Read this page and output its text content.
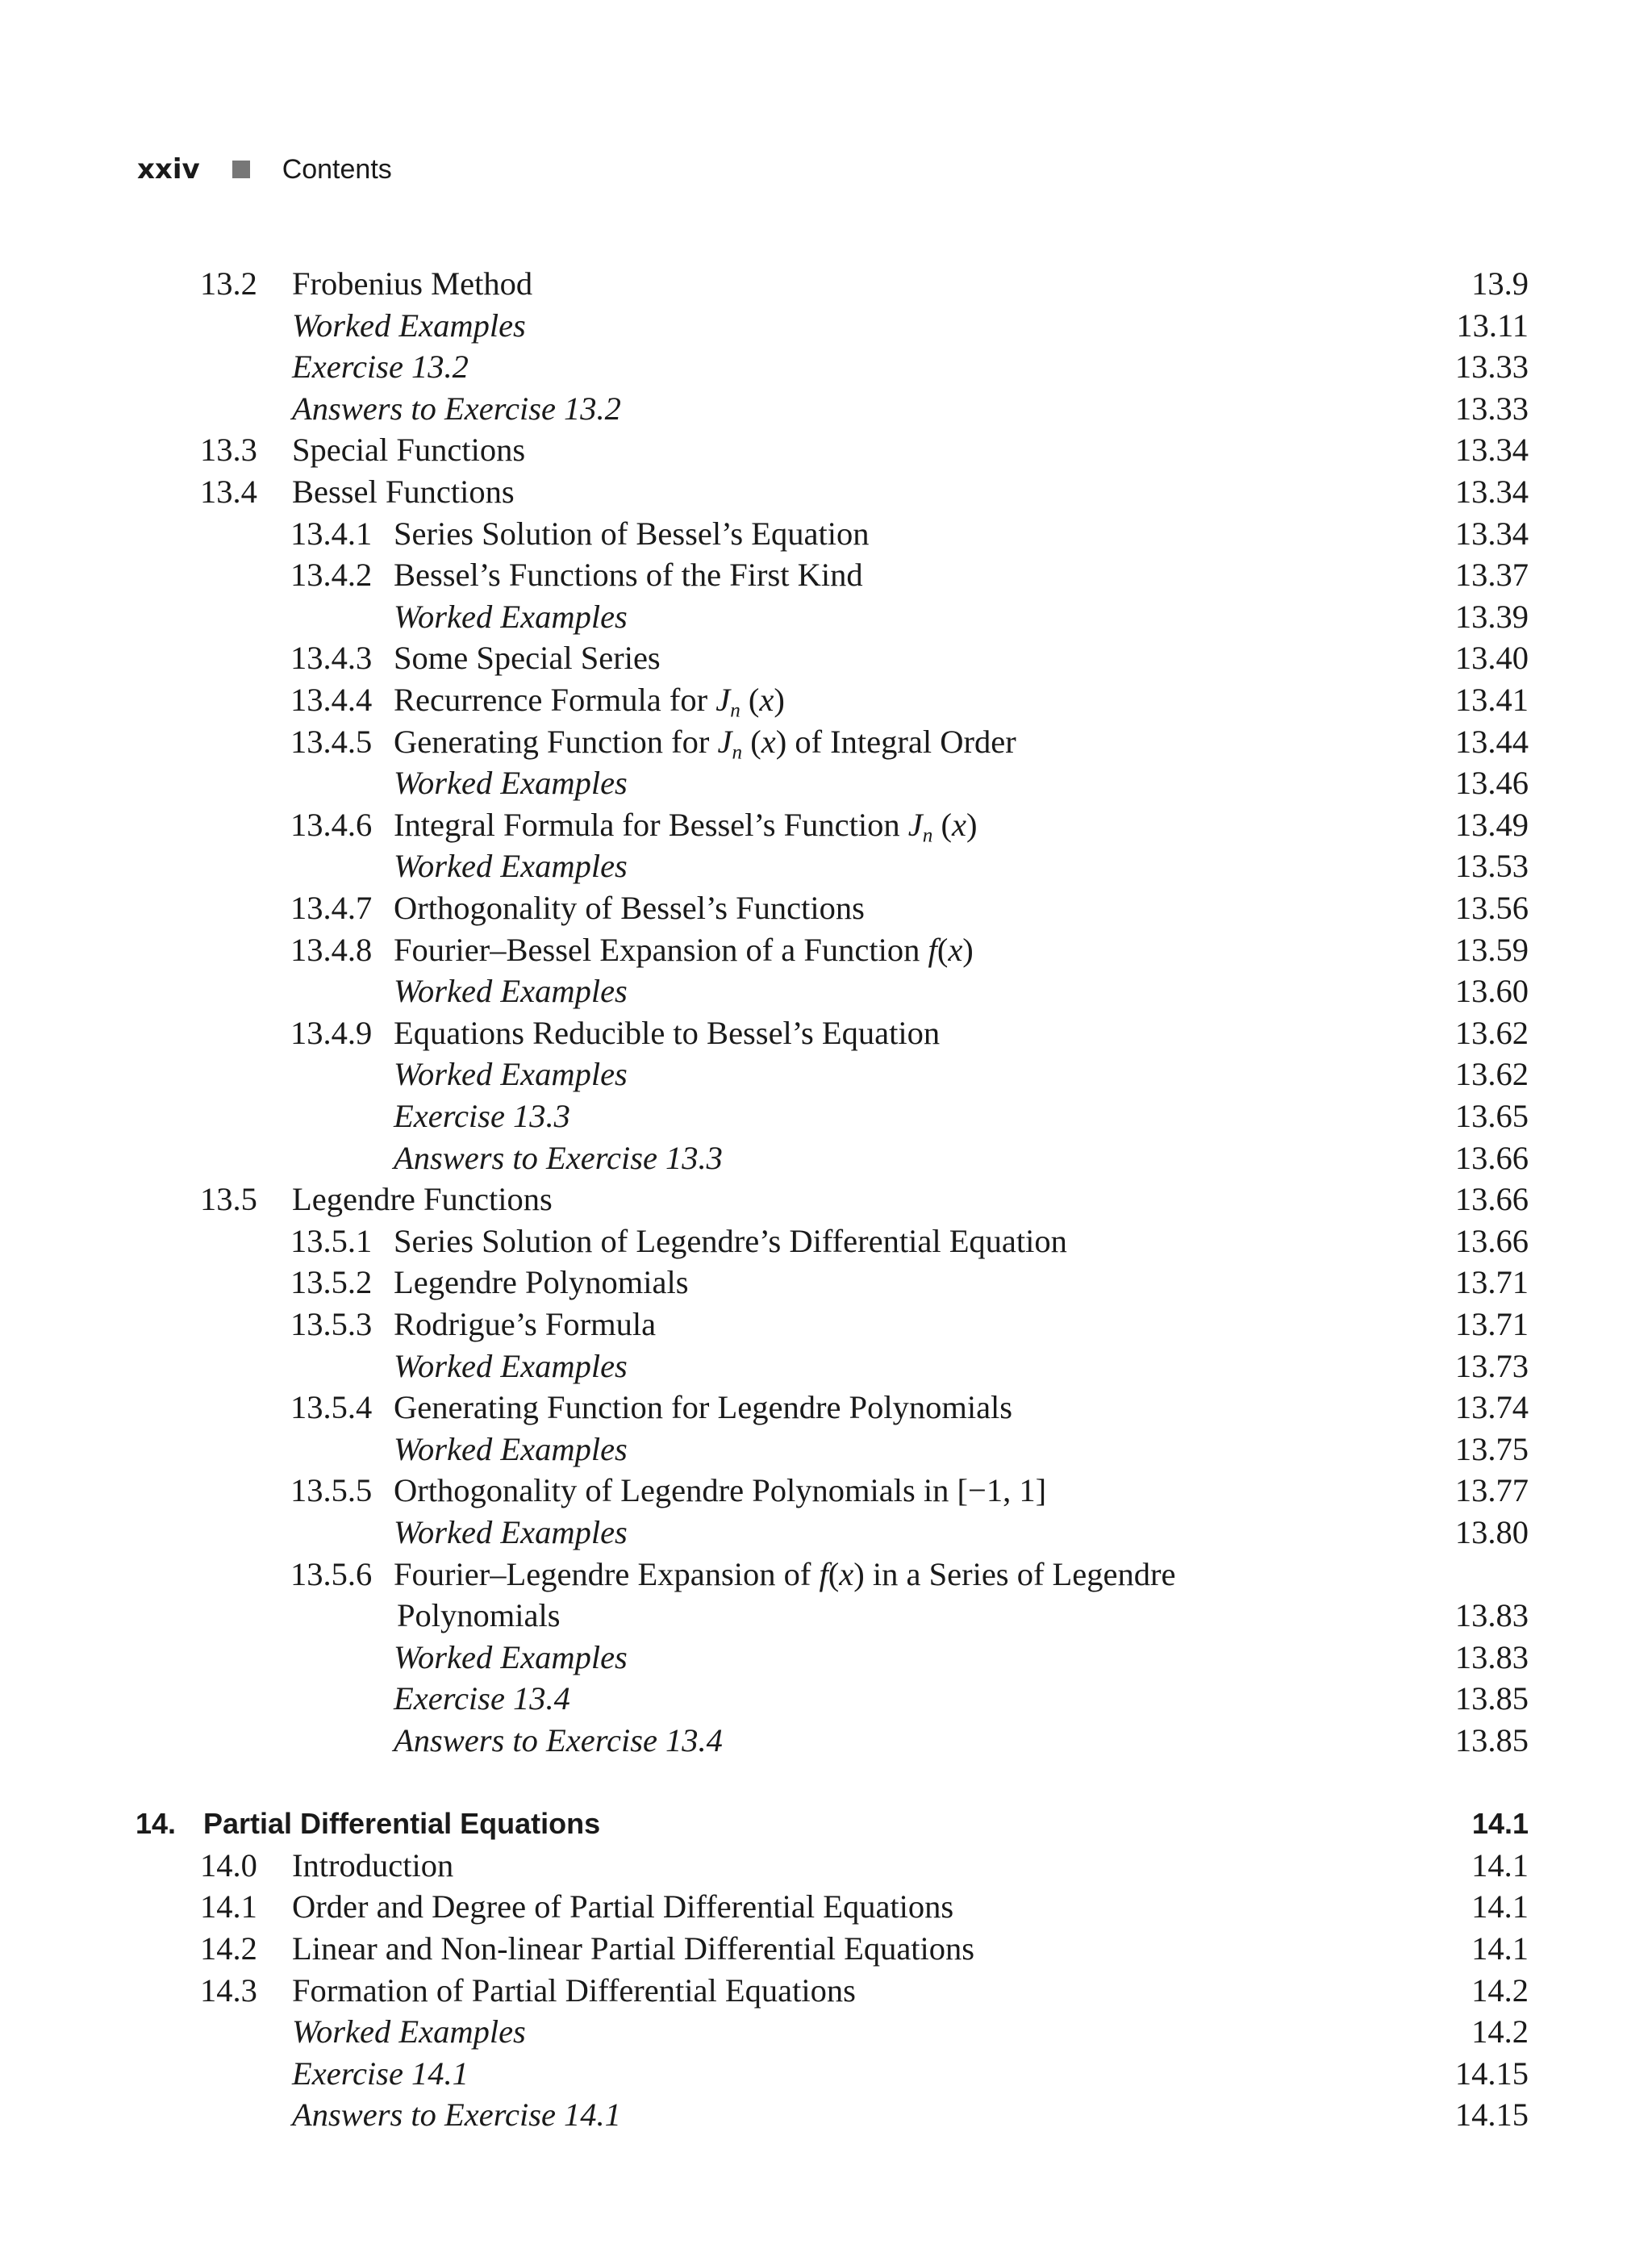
xxiv	Contents
13.2 Frobenius Method	13.9
Worked Examples	13.11
Exercise 13.2	13.33
Answers to Exercise 13.2	13.33
13.3 Special Functions	13.34
13.4 Bessel Functions	13.34
13.4.1 Series Solution of Bessel’s Equation	13.34
13.4.2 Bessel’s Functions of the First Kind	13.37
Worked Examples	13.39
13.4.3 Some Special Series	13.40
13.4.4 Recurrence Formula for $J_n$ (x)	13.41
13.4.5 Generating Function for $J_n$ (x) of Integral Order	13.44
Worked Examples	13.46
13.4.6 Integral Formula for Bessel’s Function $J_n$ (x)	13.49
Worked Examples	13.53
13.4.7 Orthogonality of Bessel’s Functions	13.56
13.4.8 Fourier–Bessel Expansion of a Function f(x)	13.59
Worked Examples	13.60
13.4.9 Equations Reducible to Bessel’s Equation	13.62
Worked Examples	13.62
Exercise 13.3	13.65
Answers to Exercise 13.3	13.66
13.5 Legendre Functions	13.66
13.5.1 Series Solution of Legendre’s Differential Equation	13.66
13.5.2 Legendre Polynomials	13.71
13.5.3 Rodrigue’s Formula	13.71
Worked Examples	13.73
13.5.4 Generating Function for Legendre Polynomials	13.74
Worked Examples	13.75
13.5.5 Orthogonality of Legendre Polynomials in [−1, 1]	13.77
Worked Examples	13.80
13.5.6 Fourier–Legendre Expansion of f(x) in a Series of Legendre
Polynomials	13.83
Worked Examples	13.83
Exercise 13.4	13.85
Answers to Exercise 13.4	13.85
14. Partial Differential Equations	14.1
14.0 Introduction	14.1
14.1 Order and Degree of Partial Differential Equations	14.1
14.2 Linear and Non-linear Partial Differential Equations	14.1
14.3 Formation of Partial Differential Equations	14.2
Worked Examples	14.2
Exercise 14.1	14.15
Answers to Exercise 14.1	14.15
